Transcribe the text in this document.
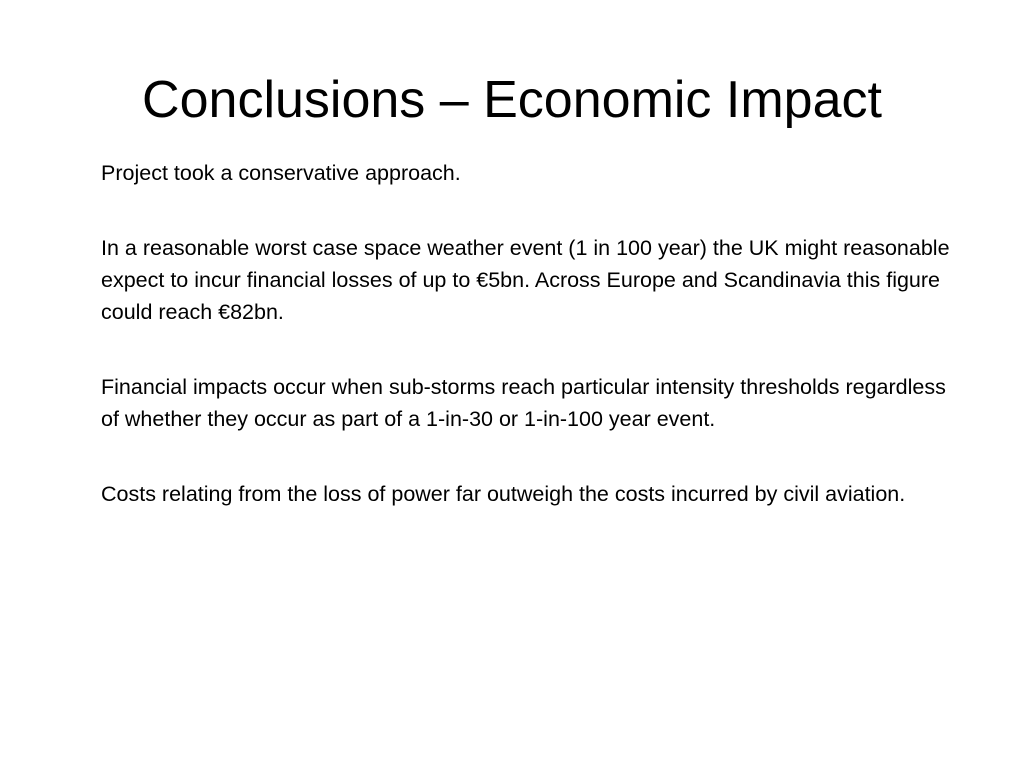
Conclusions – Economic Impact

Project took a conservative approach.

In a reasonable worst case space weather event (1 in 100 year) the UK might reasonable expect to incur financial losses of up to €5bn. Across Europe and Scandinavia this figure could reach €82bn.

Financial impacts occur when sub-storms reach particular intensity thresholds regardless of whether they occur as part of a 1-in-30 or 1-in-100 year event.

Costs relating from the loss of power far outweigh the costs incurred by civil aviation.
